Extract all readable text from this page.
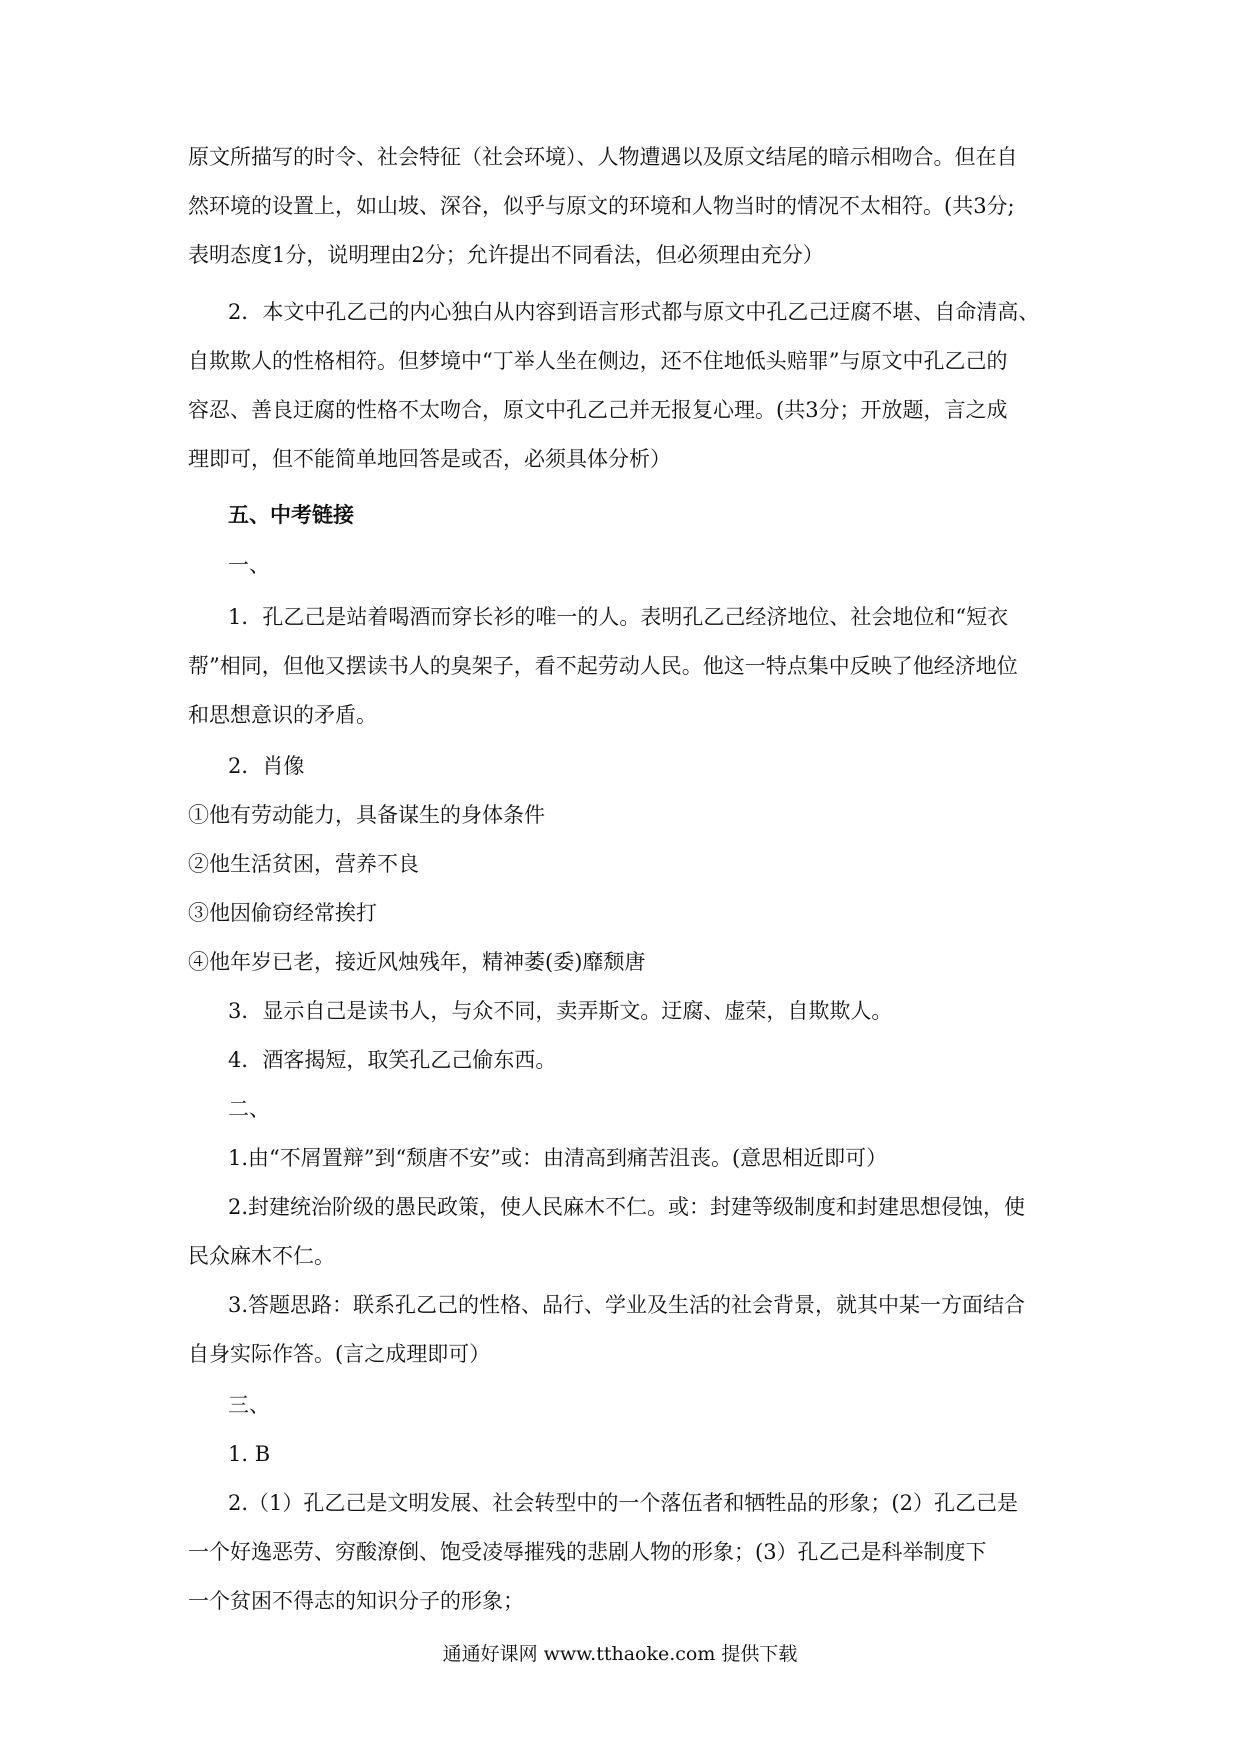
原文所描写的时令、社会特征（社会环境）、人物遭遇以及原文结尾的暗示相吻合。但在自
然环境的设置上，如山坡、深谷，似乎与原文的环境和人物当时的情况不太相符。(共3分;
表明态度1分，说明理由2分；允许提出不同看法，但必须理由充分）
2．本文中孔乙己的内心独白从内容到语言形式都与原文中孔乙己迂腐不堪、自命清高、
自欺欺人的性格相符。但梦境中“丁举人坐在侧边，还不住地低头赔罪”与原文中孔乙己的
容忍、善良迂腐的性格不太吻合，原文中孔乙己并无报复心理。(共3分；开放题，言之成
理即可，但不能简单地回答是或否，必须具体分析）
五、中考链接
一、
1．孔乙己是站着喝酒而穿长衫的唯一的人。表明孔乙己经济地位、社会地位和“短衣
帮”相同，但他又摆读书人的臭架子，看不起劳动人民。他这一特点集中反映了他经济地位
和思想意识的矛盾。
2．肖像
①他有劳动能力，具备谋生的身体条件
②他生活贫困，营养不良
③他因偷窃经常挨打
④他年岁已老，接近风烛残年，精神萎(委)靡颓唐
3．显示自己是读书人，与众不同，卖弄斯文。迂腐、虚荣，自欺欺人。
4．酒客揭短，取笑孔乙己偷东西。
二、
1.由“不屑置辩”到“颓唐不安”或：由清高到痛苦沮丧。(意思相近即可）
2.封建统治阶级的愚民政策，使人民麻木不仁。或：封建等级制度和封建思想侵蚀，使
民众麻木不仁。
3.答题思路：联系孔乙己的性格、品行、学业及生活的社会背景，就其中某一方面结合
自身实际作答。(言之成理即可）
三、
1. B
2.（1）孔乙己是文明发展、社会转型中的一个落伍者和牺牲品的形象；(2）孔乙己是
一个好逸恶劳、穷酸潦倒、饱受凌辱摧残的悲剧人物的形象；(3）孔乙己是科举制度下
一个贫困不得志的知识分子的形象；
通通好课网 www.tthaoke.com 提供下载
